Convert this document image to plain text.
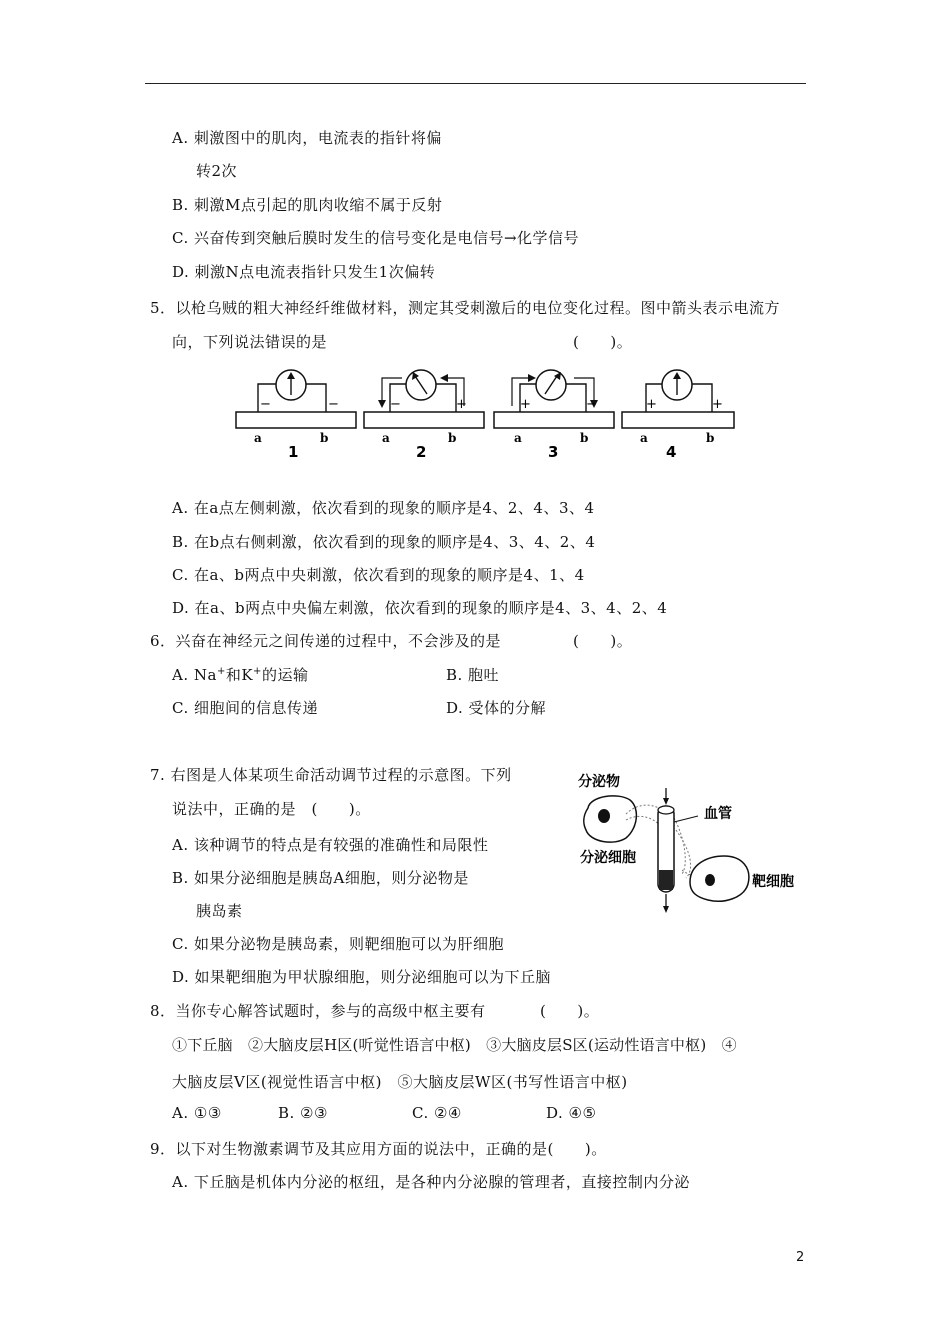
A. 刺激图中的肌肉，电流表的指针将偏
转2次
B. 刺激M点引起的肌肉收缩不属于反射
C. 兴奋传到突触后膜时发生的信号变化是电信号→化学信号
D. 刺激N点电流表指针只发生1次偏转
5．以枪乌贼的粗大神经纤维做材料，测定其受刺激后的电位变化过程。图中箭头表示电流方
向，下列说法错误的是	(　　)。
−	−
a	b
1
−	+
a	b
2
+	−
a	b
3
+	+
a	b
4
A. 在a点左侧刺激，依次看到的现象的顺序是4、2、4、3、4
B. 在b点右侧刺激，依次看到的现象的顺序是4、3、4、2、4
C. 在a、b两点中央刺激，依次看到的现象的顺序是4、1、4
D. 在a、b两点中央偏左刺激，依次看到的现象的顺序是4、3、4、2、4
6．兴奋在神经元之间传递的过程中，不会涉及的是	(　　)。
A. Na+和K+的运输	B. 胞吐
C. 细胞间的信息传递	D. 受体的分解
7. 右图是人体某项生命活动调节过程的示意图。下列
说法中，正确的是　(　　)。
A. 该种调节的特点是有较强的准确性和局限性
B. 如果分泌细胞是胰岛A细胞，则分泌物是
胰岛素
C. 如果分泌物是胰岛素，则靶细胞可以为肝细胞
D. 如果靶细胞为甲状腺细胞，则分泌细胞可以为下丘脑
分泌物
分泌细胞
血管
靶细胞
8．当你专心解答试题时，参与的高级中枢主要有	(　　)。
①下丘脑　②大脑皮层H区(听觉性语言中枢)　③大脑皮层S区(运动性语言中枢)　④
大脑皮层V区(视觉性语言中枢)　⑤大脑皮层W区(书写性语言中枢)
A. ①③	B. ②③	C. ②④	D. ④⑤
9．以下对生物激素调节及其应用方面的说法中，正确的是(　　)。
A. 下丘脑是机体内分泌的枢纽，是各种内分泌腺的管理者，直接控制内分泌
2
